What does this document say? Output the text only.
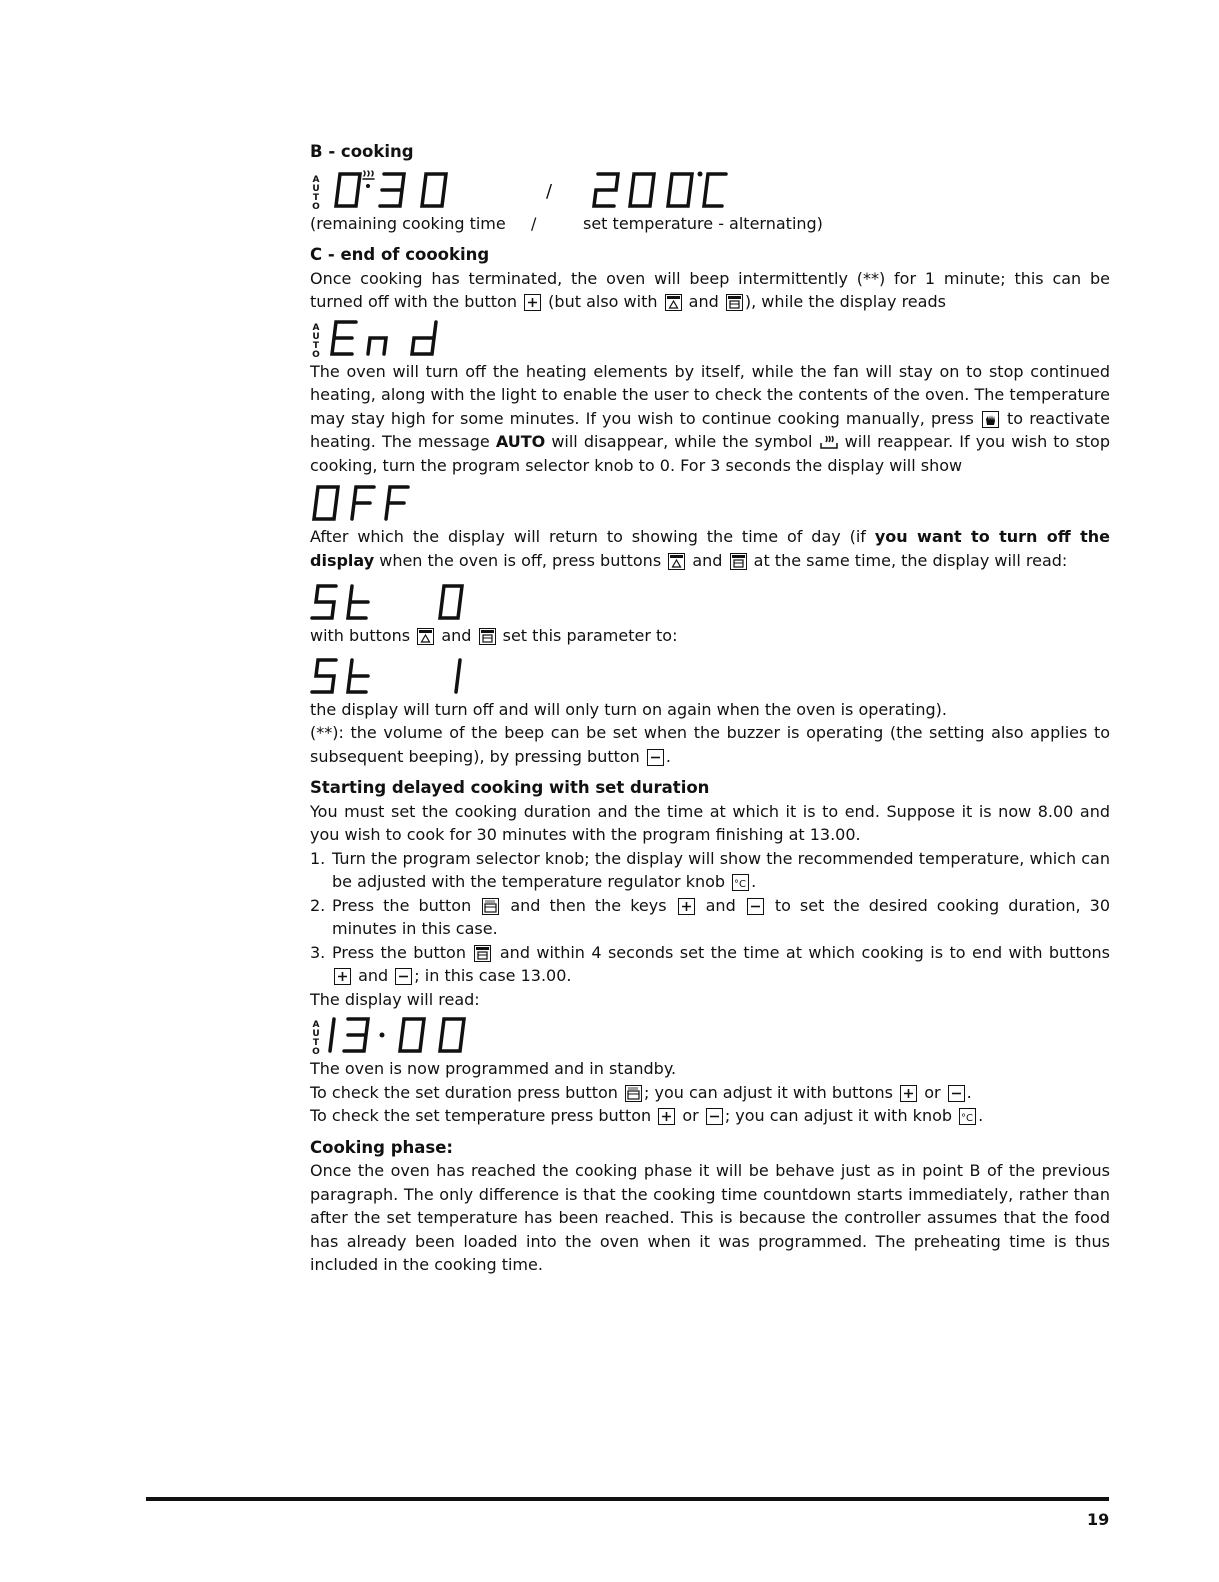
B - cooking
A
U
T
O
/
(remaining cooking time	/	set temperature - alternating)
C - end of coooking

Once cooking has terminated, the oven will beep intermittently (**) for 1 minute; this can be turned off with the button (but also with and ), while the display reads

A
U
T
O

The oven will turn off the heating elements by itself, while the fan will stay on to stop continued heating, along with the light to enable the user to check the contents of the oven. The temperature may stay high for some minutes. If you wish to continue cooking manually, press to reactivate heating. The message AUTO will disappear, while the symbol will reappear. If you wish to stop cooking, turn the program selector knob to 0. For 3 seconds the display will show

After which the display will return to showing the time of day (if you want to turn off the display when the oven is off, press buttons and at the same time, the display will read:

with buttons and set this parameter to:

the display will turn off and will only turn on again when the oven is operating).

(**): the volume of the beep can be set when the buzzer is operating (the setting also applies to subsequent beeping), by pressing button .

Starting delayed cooking with set duration

You must set the cooking duration and the time at which it is to end. Suppose it is now 8.00 and you wish to cook for 30 minutes with the program finishing at 13.00.

1. Turn the program selector knob; the display will show the recommended temperature, which can be adjusted with the temperature regulator knob °C .
2. Press the button and then the keys and to set the desired cooking duration, 30 minutes in this case.
3. Press the button and within 4 seconds set the time at which cooking is to end with buttons
and ; in this case 13.00.

The display will read:

A
U
T
O

The oven is now programmed and in standby.

To check the set duration press button ; you can adjust it with buttons or .

To check the set temperature press button or ; you can adjust it with knob °C .

Cooking phase:

Once the oven has reached the cooking phase it will be behave just as in point B of the previous paragraph. The only difference is that the cooking time countdown starts immediately, rather than after the set temperature has been reached. This is because the controller assumes that the food has already been loaded into the oven when it was programmed. The preheating time is thus included in the cooking time.

19
